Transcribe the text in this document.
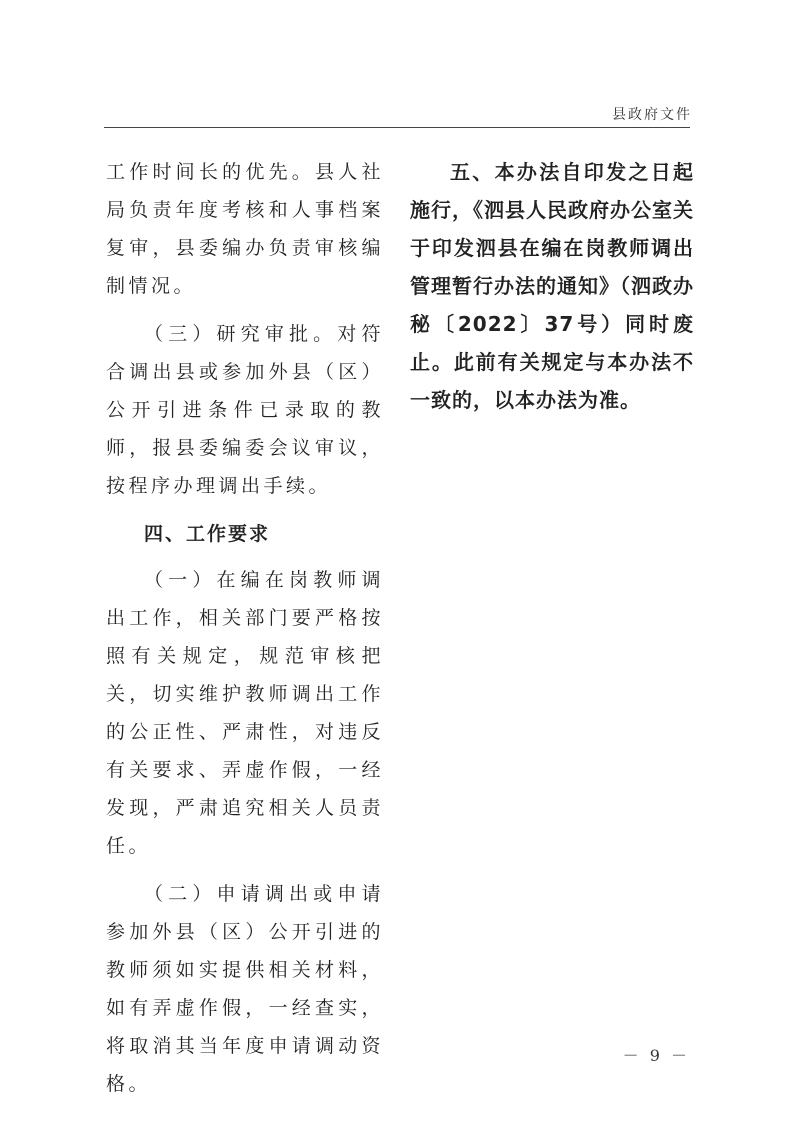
县政府文件

工作时间长的优先。县人社局负责年度考核和人事档案复审，县委编办负责审核编制情况。

（三）研究审批。对符合调出县或参加外县（区）公开引进条件已录取的教师，报县委编委会议审议，按程序办理调出手续。

四、工作要求

（一）在编在岗教师调出工作，相关部门要严格按照有关规定，规范审核把关，切实维护教师调出工作的公正性、严肃性，对违反有关要求、弄虚作假，一经发现，严肃追究相关人员责任。

（二）申请调出或申请参加外县（区）公开引进的教师须如实提供相关材料，如有弄虚作假，一经查实，将取消其当年度申请调动资格。

五、本办法自印发之日起施行，《泗县人民政府办公室关于印发泗县在编在岗教师调出管理暂行办法的通知》（泗政办秘〔2022〕37号）同时废止。此前有关规定与本办法不一致的，以本办法为准。

－ 9 －
